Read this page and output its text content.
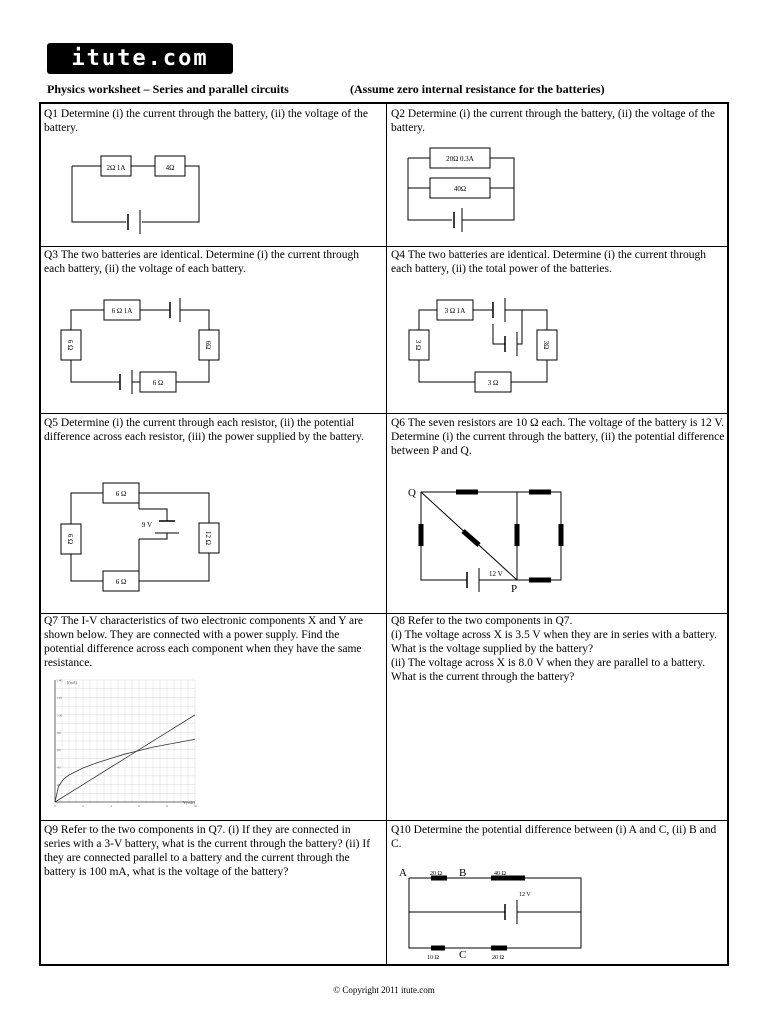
itute.com
Physics worksheet – Series and parallel circuits	(Assume zero internal resistance for the batteries)
Q1 Determine (i) the current through the battery, (ii) the voltage of the battery.
Q2 Determine (i) the current through the battery, (ii) the voltage of the battery.
Q3 The two batteries are identical. Determine (i) the current through each battery, (ii) the voltage of each battery.
Q4 The two batteries are identical. Determine (i) the current through each battery, (ii) the total power of the batteries.
Q5 Determine (i) the current through each resistor, (ii) the potential difference across each resistor, (iii) the power supplied by the battery.
Q6 The seven resistors are 10 Ω each. The voltage of the battery is 12 V. Determine (i) the current through the battery, (ii) the potential difference between P and Q.
Q7 The I-V characteristics of two electronic components X and Y are shown below. They are connected with a power supply. Find the potential difference across each component when they have the same resistance.
Q8 Refer to the two components in Q7.
(i) The voltage across X is 3.5 V when they are in series with a battery. What is the voltage supplied by the battery?
(ii) The voltage across X is 8.0 V when they are parallel to a battery. What is the current through the battery?
Q9 Refer to the two components in Q7. (i) If they are connected in series with a 3-V battery, what is the current through the battery? (ii) If they are connected parallel to a battery and the current through the battery is 100 mA, what is the voltage of the battery?
Q10 Determine the potential difference between (i) A and C, (ii) B and C.
2Ω 1A	4Ω
20Ω 0.3A
40Ω
6 Ω 1A
6 Ω
6 Ω	6Ω
3 Ω 1A
3 Ω
3 Ω	3Ω
6 Ω
6 Ω
9 V
6 Ω	12 Ω
Q
P
12 V
0
20
40
60
80
100
120
140
0	2	4	6	8	10
I(mA)
V(volt)
A	B
C
20 Ω	40 Ω
10 Ω	20 Ω
12 V
© Copyright 2011 itute.com
